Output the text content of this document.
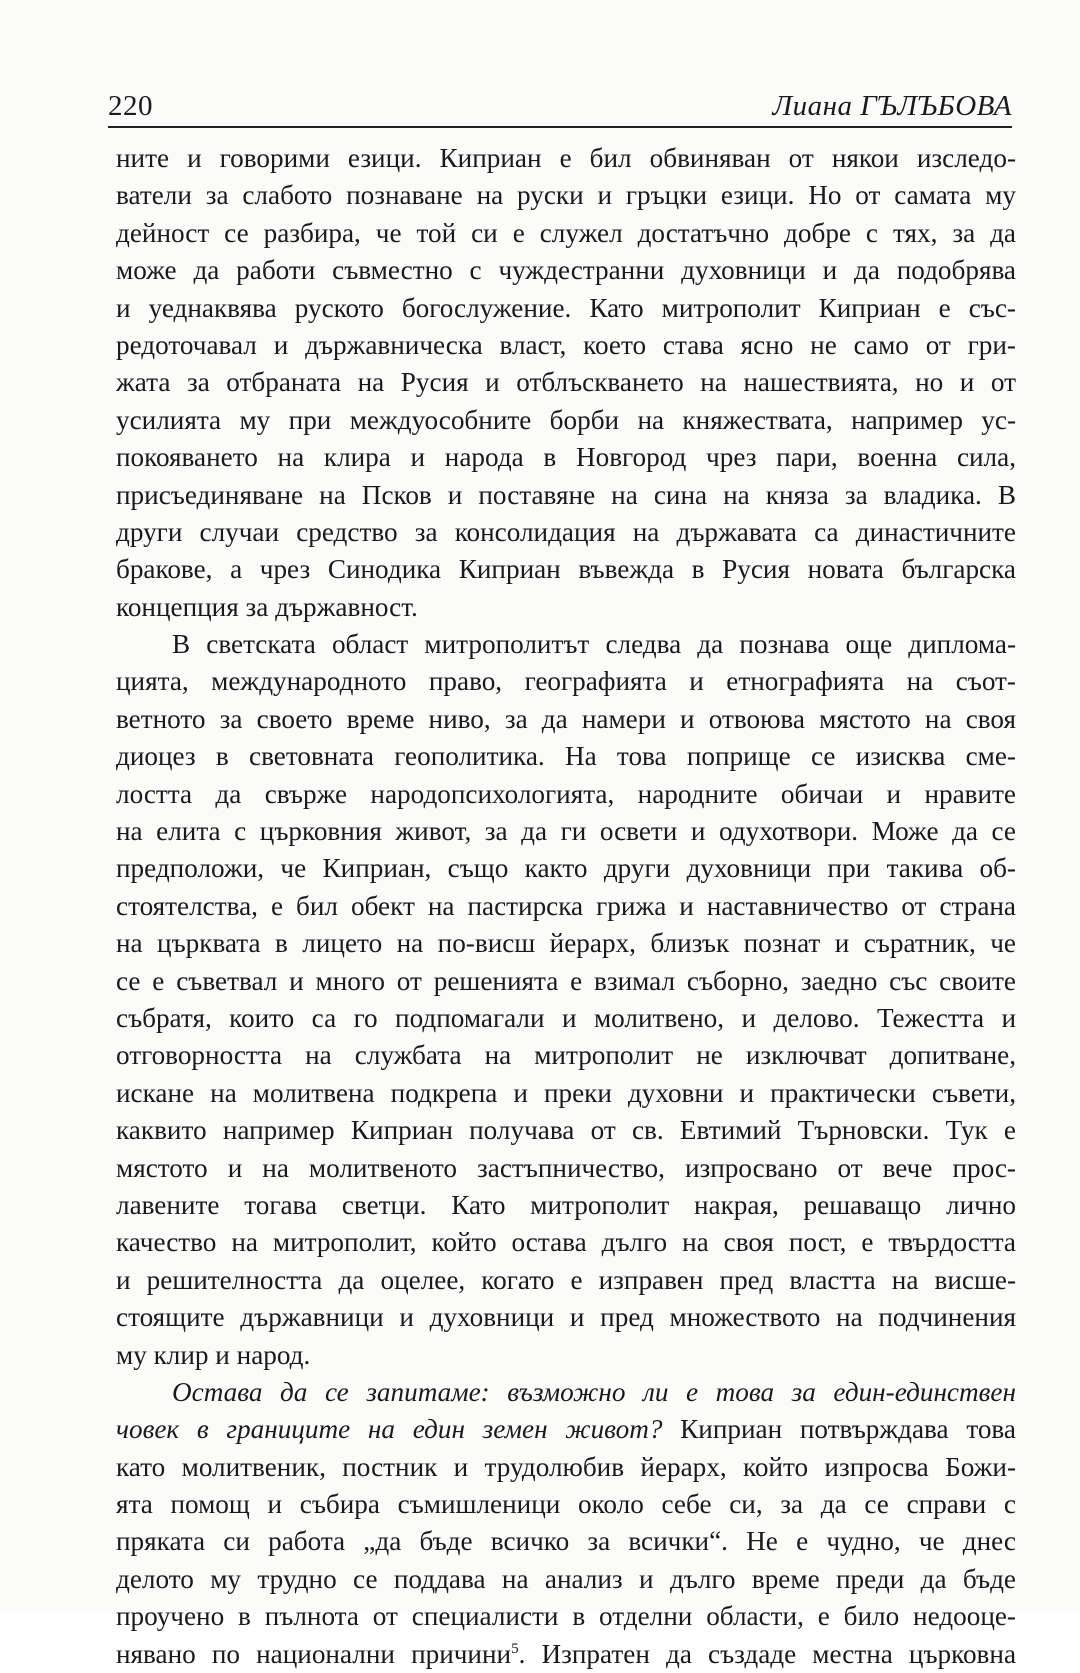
220	Лиана ГЪЛЪБОВА
ните и говорими езици. Киприан е бил обвиняван от някои изследо-
ватели за слабото познаване на руски и гръцки езици. Но от самата му
дейност се разбира, че той си е служел достатъчно добре с тях, за да
може да работи съвместно с чуждестранни духовници и да подобрява
и уеднаквява руското богослужение. Като митрополит Киприан е със-
редоточавал и държавническа власт, което става ясно не само от гри-
жата за отбраната на Русия и отблъскването на нашествията, но и от
усилията му при междуособните борби на княжествата, например ус-
покояването на клира и народа в Новгород чрез пари, военна сила,
присъединяване на Псков и поставяне на сина на княза за владика. В
други случаи средство за консолидация на държавата са династичните
бракове, а чрез Синодика Киприан въвежда в Русия новата българска
концепция за държавност.
В светската област митрополитът следва да познава още диплома-
цията, международното право, географията и етнографията на съот-
ветното за своето време ниво, за да намери и отвоюва мястото на своя
диоцез в световната геополитика. На това поприще се изисква сме-
лостта да свърже народопсихологията, народните обичаи и нравите
на елита с църковния живот, за да ги освети и одухотвори. Може да се
предположи, че Киприан, също както други духовници при такива об-
стоятелства, е бил обект на пастирска грижа и наставничество от страна
на църквата в лицето на по-висш йерарх, близък познат и съратник, че
се е съветвал и много от решенията е взимал съборно, заедно със своите
събратя, които са го подпомагали и молитвено, и делово. Тежестта и
отговорността на службата на митрополит не изключват допитване,
искане на молитвена подкрепа и преки духовни и практически съвети,
каквито например Киприан получава от св. Евтимий Търновски. Тук е
мястото и на молитвеното застъпничество, изпросвано от вече прос-
лавените тогава светци. Като митрополит накрая, решаващо лично
качество на митрополит, който остава дълго на своя пост, е твърдостта
и решителността да оцелее, когато е изправен пред властта на висше-
стоящите държавници и духовници и пред множеството на подчинения
му клир и народ.
Остава да се запитаме: възможно ли е това за един-единствен
човек в границите на един земен живот? Киприан потвърждава това
като молитвеник, постник и трудолюбив йерарх, който изпросва Божи-
ята помощ и събира съмишленици около себе си, за да се справи с
пряката си работа „да бъде всичко за всички“. Не е чудно, че днес
делото му трудно се поддава на анализ и дълго време преди да бъде
проучено в пълнота от специалисти в отделни области, е било недооце-
нявано по национални причини$^5$. Изпратен да създаде местна църковна
